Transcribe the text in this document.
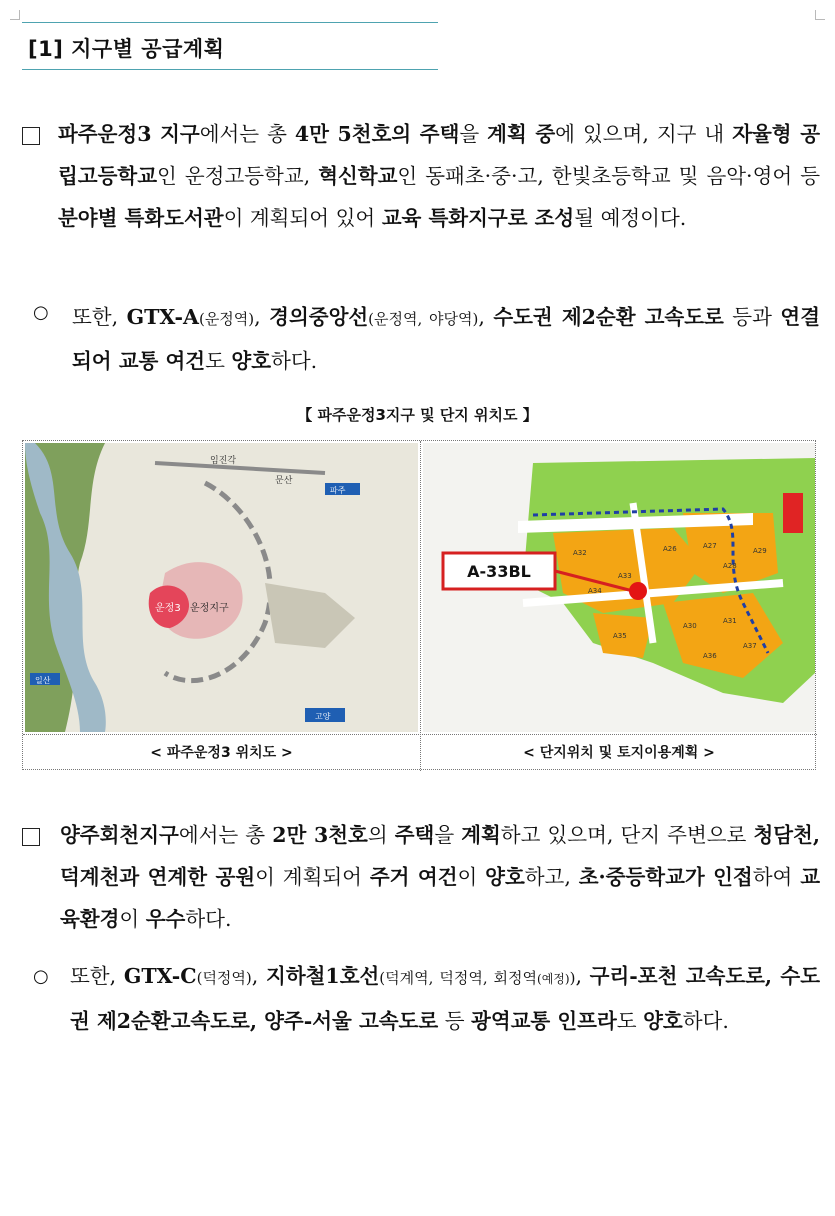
[1] 지구별 공급계획

파주운정3 지구에서는 총 4만 5천호의 주택을 계획 중에 있으며, 지구 내 자율형 공립고등학교인 운정고등학교, 혁신학교인 동패초·중·고, 한빛초등학교 및 음악·영어 등 분야별 특화도서관이 계획되어 있어 교육 특화지구로 조성될 예정이다.

○ 또한, GTX-A(운정역), 경의중앙선(운정역, 야당역), 수도권 제2순환 고속도로 등과 연결되어 교통 여건도 양호하다.

【 파주운정3지구 및 단지 위치도 】
운정지구
운정3
임진각
문산
파주
고양
일산
A-33BL
A32
A33
A34
A27
A26
A28
A29
A30
A31
A35
A36
A37
< 파주운정3 위치도 >	< 단지위치 및 토지이용계획 >

양주회천지구에서는 총 2만 3천호의 주택을 계획하고 있으며, 단지 주변으로 청담천, 덕계천과 연계한 공원이 계획되어 주거 여건이 양호하고, 초·중등학교가 인접하여 교육환경이 우수하다.

○ 또한, GTX-C(덕정역), 지하철1호선(덕계역, 덕정역, 회정역(예정)), 구리-포천 고속도로, 수도권 제2순환고속도로, 양주-서울 고속도로 등 광역교통 인프라도 양호하다.
